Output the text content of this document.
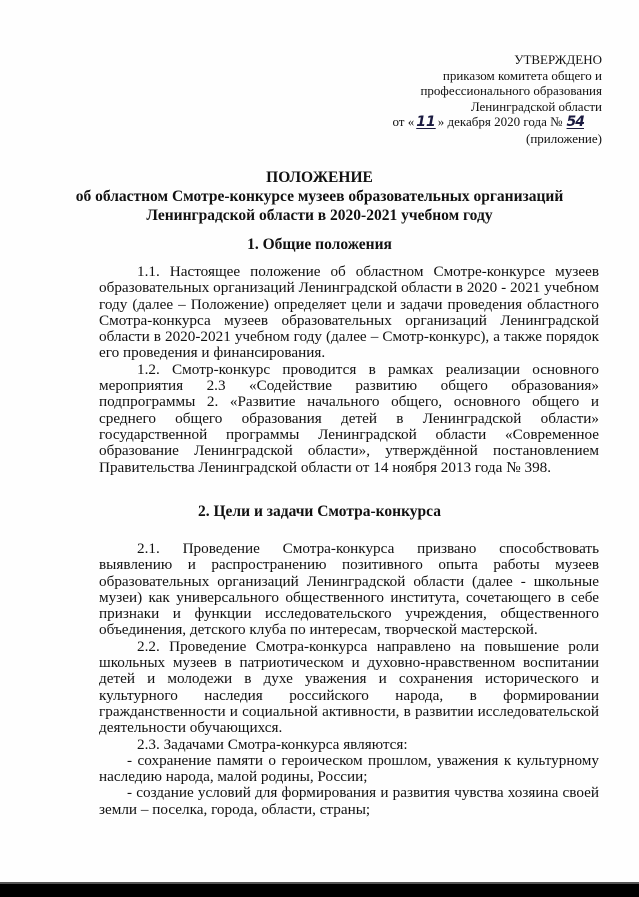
УТВЕРЖДЕНО
приказом комитета общего и
профессионального образования
Ленинградской области
от « 11 » декабря 2020 года № 54
(приложение)
ПОЛОЖЕНИЕ
об областном Смотре-конкурсе музеев образовательных организаций
Ленинградской области в 2020-2021 учебном году
1. Общие положения

1.1. Настоящее положение об областном Смотре-конкурсе музеев образовательных организаций Ленинградской области в 2020 - 2021 учебном году (далее – Положение) определяет цели и задачи проведения областного Смотра-конкурса музеев образовательных организаций Ленинградской области в 2020-2021 учебном году (далее – Смотр-конкурс), а также порядок его проведения и финансирования.

1.2. Смотр-конкурс проводится в рамках реализации основного мероприятия 2.3 «Содействие развитию общего образования» подпрограммы 2. «Развитие начального общего, основного общего и среднего общего образования детей в Ленинградской области» государственной программы Ленинградской области «Современное образование Ленинградской области», утверждённой постановлением Правительства Ленинградской области от 14 ноября 2013 года № 398.

2. Цели и задачи Смотра-конкурса

2.1. Проведение Смотра-конкурса призвано способствовать выявлению и распространению позитивного опыта работы музеев образовательных организаций Ленинградской области (далее - школьные музеи) как универсального общественного института, сочетающего в себе признаки и функции исследовательского учреждения, общественного объединения, детского клуба по интересам, творческой мастерской.

2.2. Проведение Смотра-конкурса направлено на повышение роли школьных музеев в патриотическом и духовно-нравственном воспитании детей и молодежи в духе уважения и сохранения исторического и культурного наследия российского народа, в формировании гражданственности и социальной активности, в развитии исследовательской деятельности обучающихся.

2.3. Задачами Смотра-конкурса являются:

- сохранение памяти о героическом прошлом, уважения к культурному наследию народа, малой родины, России;

- создание условий для формирования и развития чувства хозяина своей земли – поселка, города, области, страны;
